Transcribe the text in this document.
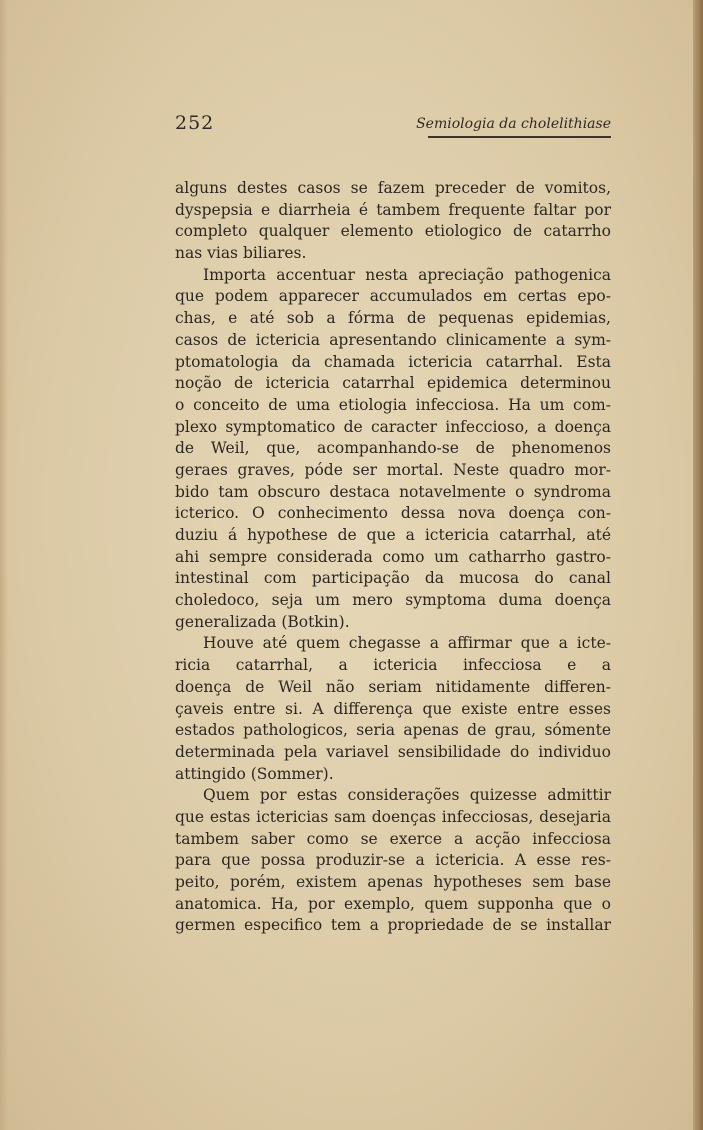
252	Semiologia da cholelithiase
alguns destes casos se fazem preceder de vomitos,
dyspepsia e diarrheia é tambem frequente faltar por
completo qualquer elemento etiologico de catarrho
nas vias biliares.
Importa accentuar nesta apreciação pathogenica
que podem apparecer accumulados em certas epo-
chas, e até sob a fórma de pequenas epidemias,
casos de ictericia apresentando clinicamente a sym-
ptomatologia da chamada ictericia catarrhal. Esta
noção de ictericia catarrhal epidemica determinou
o conceito de uma etiologia infecciosa. Ha um com-
plexo symptomatico de caracter infeccioso, a doença
de Weil, que, acompanhando-se de phenomenos
geraes graves, póde ser mortal. Neste quadro mor-
bido tam obscuro destaca notavelmente o syndroma
icterico. O conhecimento dessa nova doença con-
duziu á hypothese de que a ictericia catarrhal, até
ahi sempre considerada como um catharrho gastro-
intestinal com participação da mucosa do canal
choledoco, seja um mero symptoma duma doença
generalizada (Botkin).
Houve até quem chegasse a affirmar que a icte-
ricia catarrhal, a ictericia infecciosa e a
doença de Weil não seriam nitidamente differen-
çaveis entre si. A differença que existe entre esses
estados pathologicos, seria apenas de grau, sómente
determinada pela variavel sensibilidade do individuo
attingido (Sommer).
Quem por estas considerações quizesse admittir
que estas ictericias sam doenças infecciosas, desejaria
tambem saber como se exerce a acção infecciosa
para que possa produzir-se a ictericia. A esse res-
peito, porém, existem apenas hypotheses sem base
anatomica. Ha, por exemplo, quem supponha que o
germen especifico tem a propriedade de se installar
